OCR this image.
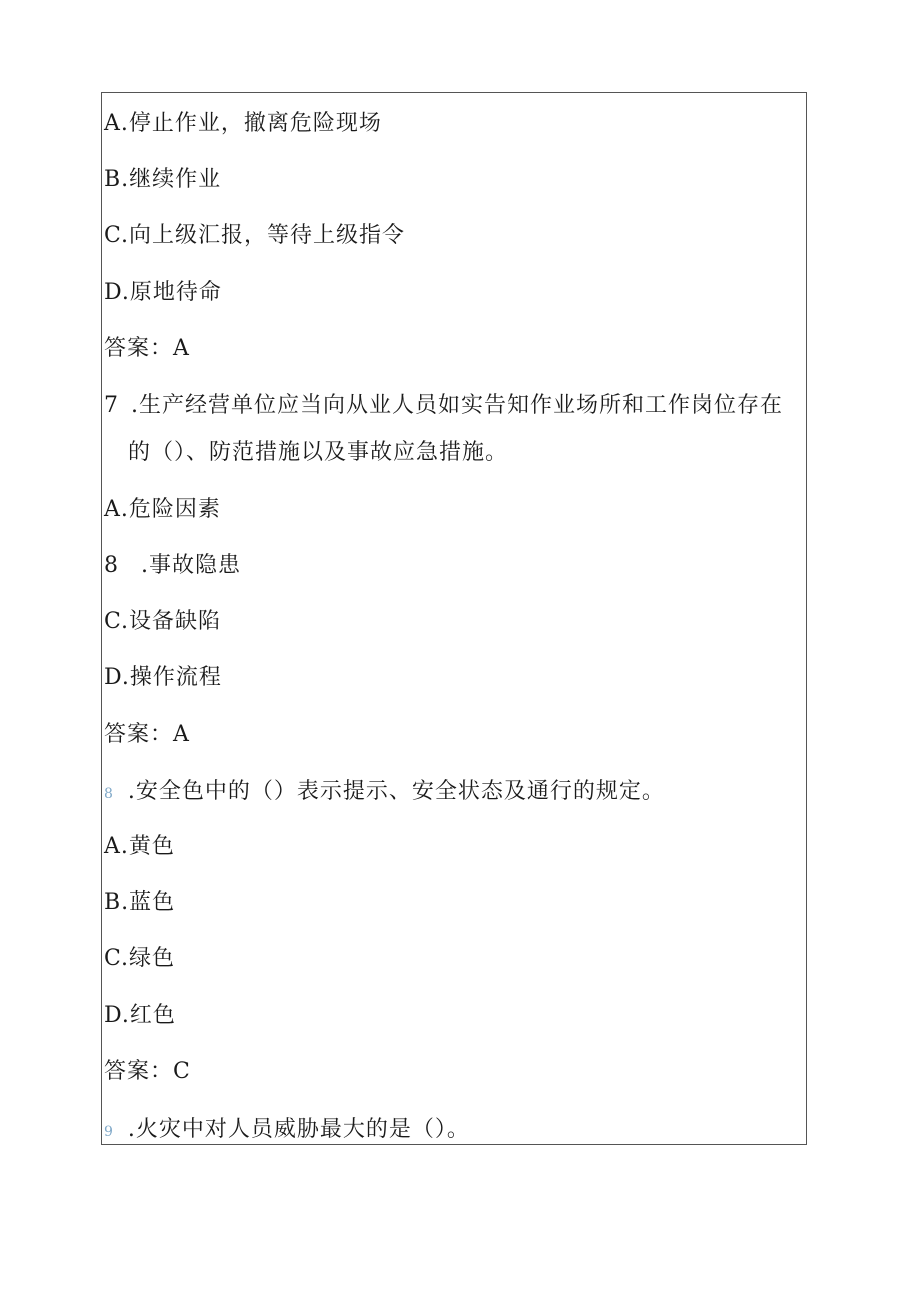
A.停止作业，撤离危险现场
B.继续作业
C.向上级汇报，等待上级指令
D.原地待命
答案：A
7 .生产经营单位应当向从业人员如实告知作业场所和工作岗位存在
的（）、防范措施以及事故应急措施。
A.危险因素
8 .事故隐患
C.设备缺陷
D.操作流程
答案：A
8 .安全色中的（）表示提示、安全状态及通行的规定。
A.黄色
B.蓝色
C.绿色
D.红色
答案：C
9 .火灾中对人员威胁最大的是（）。
